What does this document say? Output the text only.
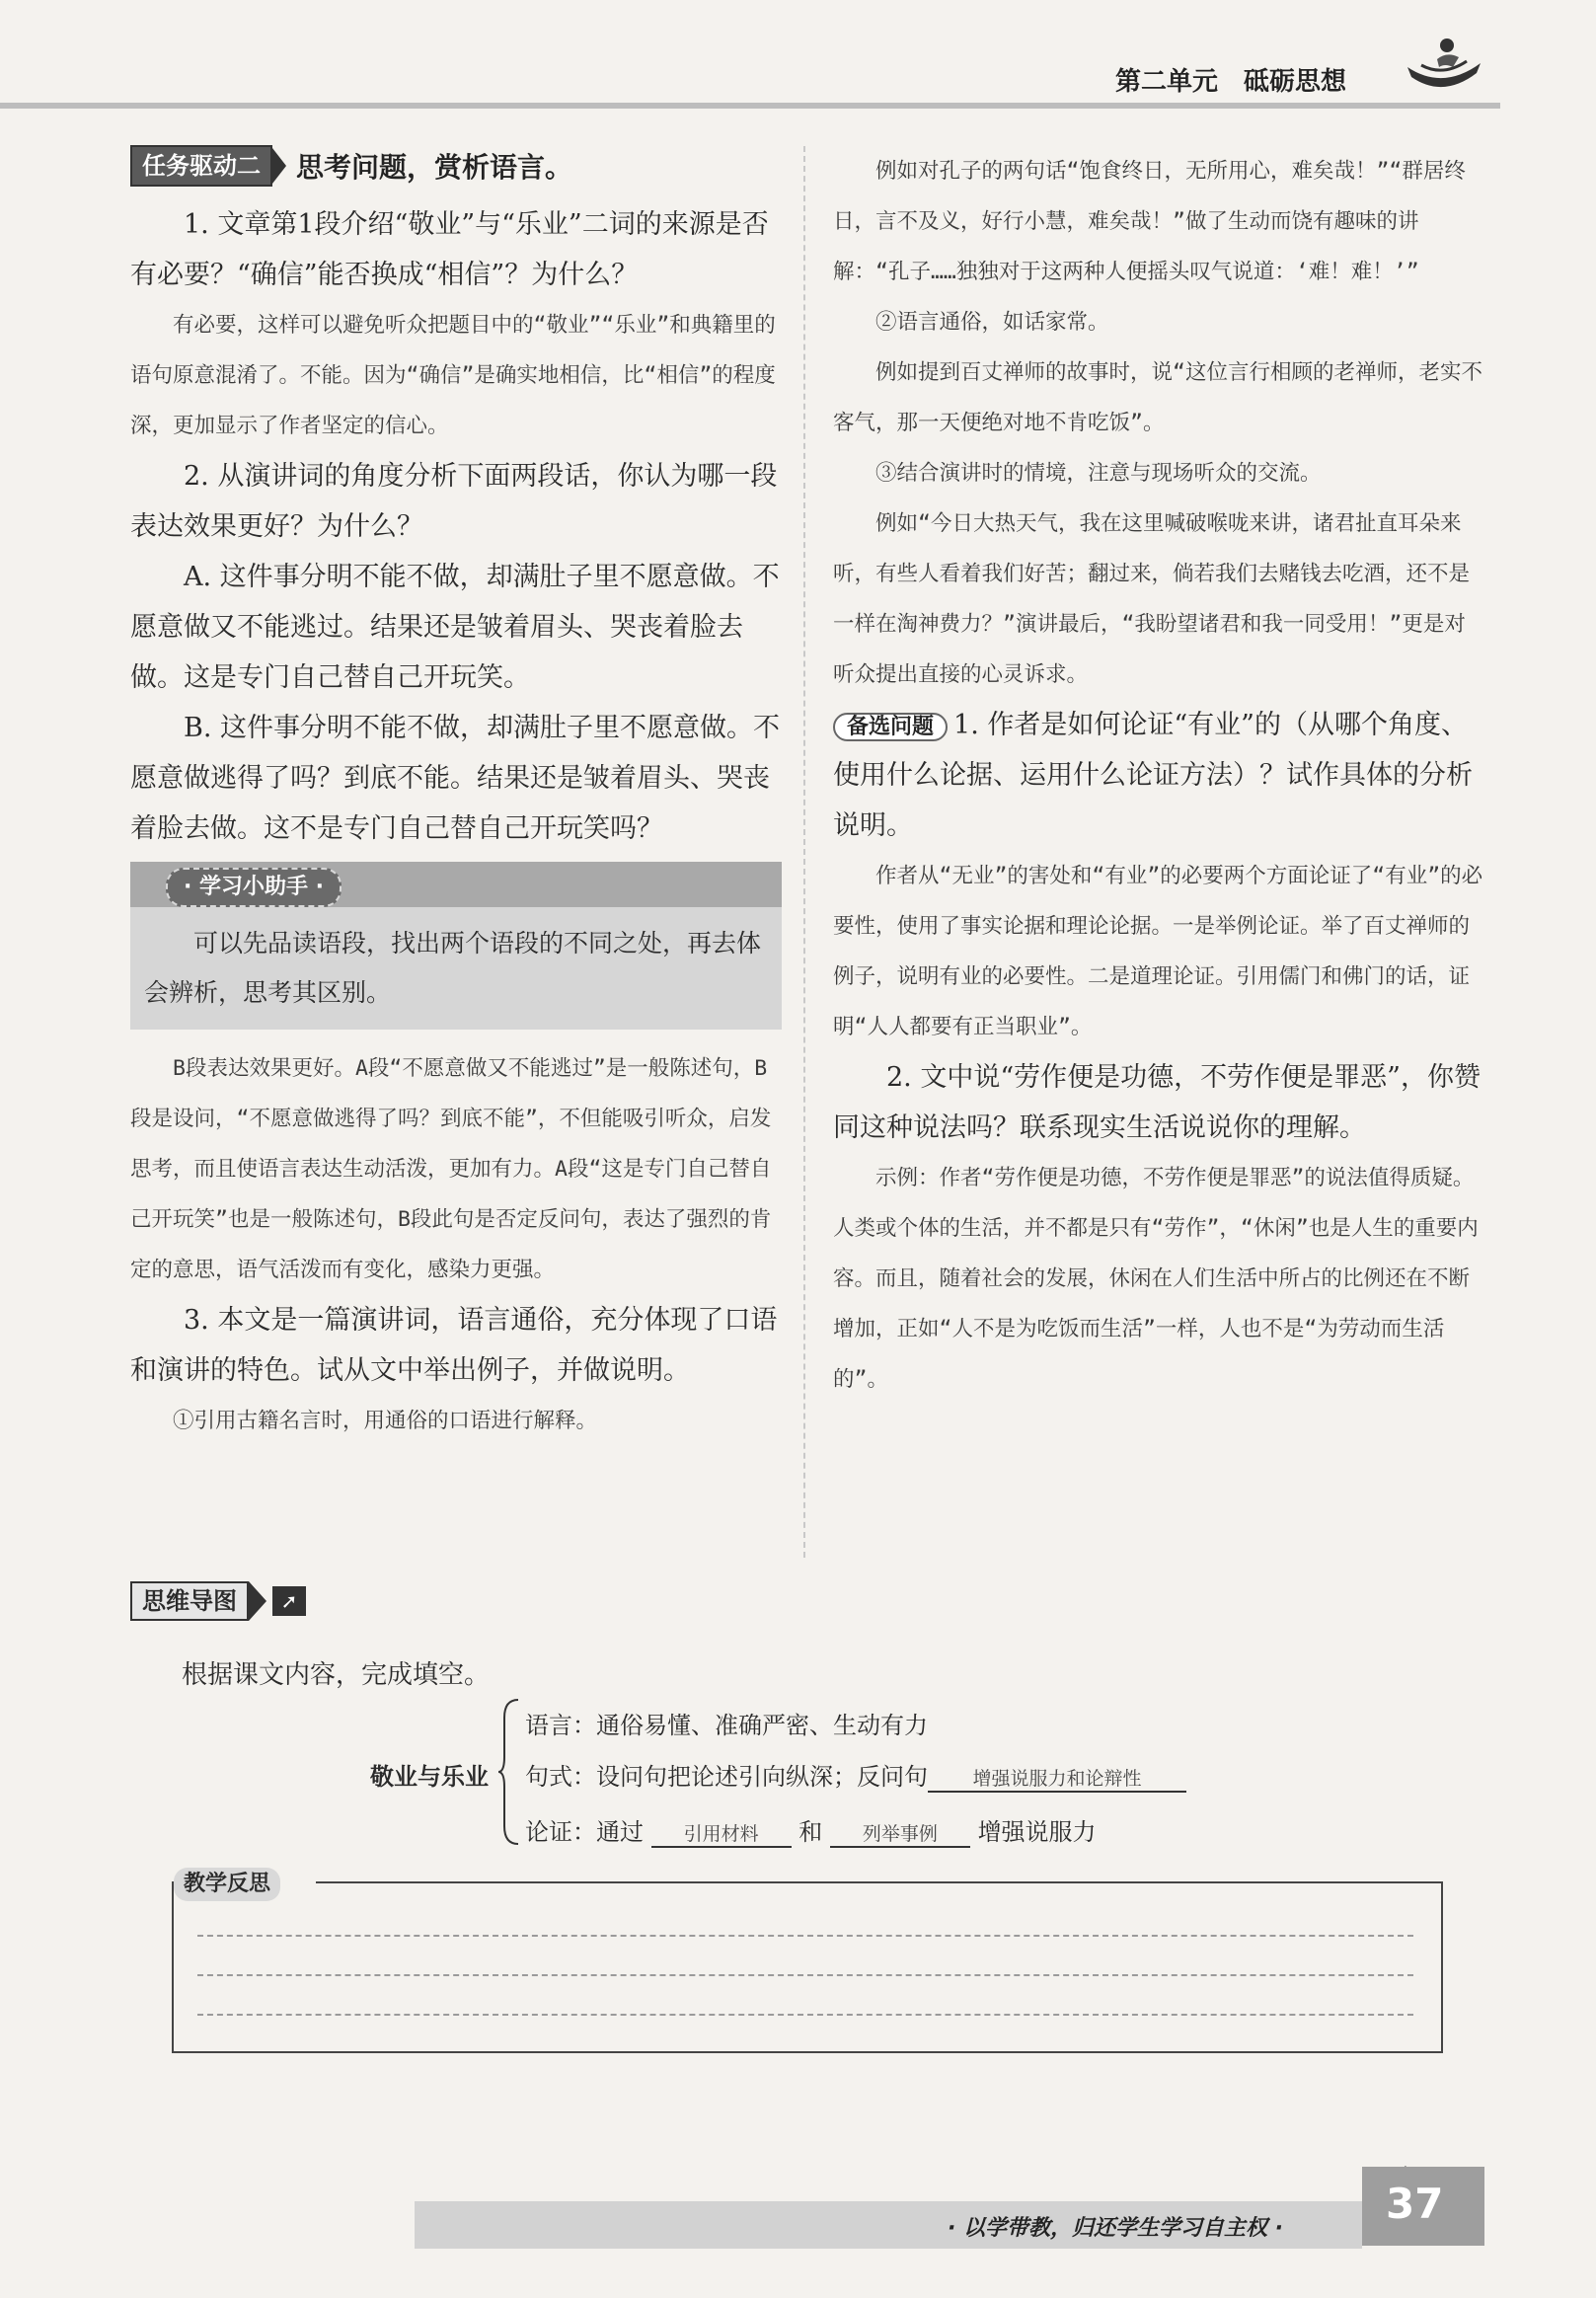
第二单元　砥砺思想
任务驱动二	思考问题，赏析语言。

1. 文章第1段介绍“敬业”与“乐业”二词的来源是否有必要？“确信”能否换成“相信”？为什么？

有必要，这样可以避免听众把题目中的“敬业”“乐业”和典籍里的语句原意混淆了。不能。因为“确信”是确实地相信，比“相信”的程度深，更加显示了作者坚定的信心。

2. 从演讲词的角度分析下面两段话，你认为哪一段表达效果更好？为什么？

A. 这件事分明不能不做，却满肚子里不愿意做。不愿意做又不能逃过。结果还是皱着眉头、哭丧着脸去做。这是专门自己替自己开玩笑。

B. 这件事分明不能不做，却满肚子里不愿意做。不愿意做逃得了吗？到底不能。结果还是皱着眉头、哭丧着脸去做。这不是专门自己替自己开玩笑吗？

· 学习小助手 ·

可以先品读语段，找出两个语段的不同之处，再去体会辨析，思考其区别。

B段表达效果更好。A段“不愿意做又不能逃过”是一般陈述句，B段是设问，“不愿意做逃得了吗？到底不能”，不但能吸引听众，启发思考，而且使语言表达生动活泼，更加有力。A段“这是专门自己替自己开玩笑”也是一般陈述句，B段此句是否定反问句，表达了强烈的肯定的意思，语气活泼而有变化，感染力更强。

3. 本文是一篇演讲词，语言通俗，充分体现了口语和演讲的特色。试从文中举出例子，并做说明。

①引用古籍名言时，用通俗的口语进行解释。

例如对孔子的两句话“饱食终日，无所用心，难矣哉！”“群居终日，言不及义，好行小慧，难矣哉！”做了生动而饶有趣味的讲解：“孔子……独独对于这两种人便摇头叹气说道：‘难！难！’”

②语言通俗，如话家常。

例如提到百丈禅师的故事时，说“这位言行相顾的老禅师，老实不客气，那一天便绝对地不肯吃饭”。

③结合演讲时的情境，注意与现场听众的交流。

例如“今日大热天气，我在这里喊破喉咙来讲，诸君扯直耳朵来听，有些人看着我们好苦；翻过来，倘若我们去赌钱去吃酒，还不是一样在淘神费力？”演讲最后，“我盼望诸君和我一同受用！”更是对听众提出直接的心灵诉求。

备选问题 1. 作者是如何论证“有业”的（从哪个角度、使用什么论据、运用什么论证方法）？试作具体的分析说明。

作者从“无业”的害处和“有业”的必要两个方面论证了“有业”的必要性，使用了事实论据和理论论据。一是举例论证。举了百丈禅师的例子，说明有业的必要性。二是道理论证。引用儒门和佛门的话，证明“人人都要有正当职业”。

2. 文中说“劳作便是功德，不劳作便是罪恶”，你赞同这种说法吗？联系现实生活说说你的理解。

示例：作者“劳作便是功德，不劳作便是罪恶”的说法值得质疑。人类或个体的生活，并不都是只有“劳作”，“休闲”也是人生的重要内容。而且，随着社会的发展，休闲在人们生活中所占的比例还在不断增加，正如“人不是为吃饭而生活”一样，人也不是“为劳动而生活的”。

思维导图	➚
根据课文内容，完成填空。
敬业与乐业
语言：通俗易懂、准确严密、生动有力
句式：设问句把论述引向纵深；反问句 增强说服力和论辩性
论证：通过 引用材料 和 列举事例 增强说服力
教学反思
· 以学带教，归还学生学习自主权 ·
37
